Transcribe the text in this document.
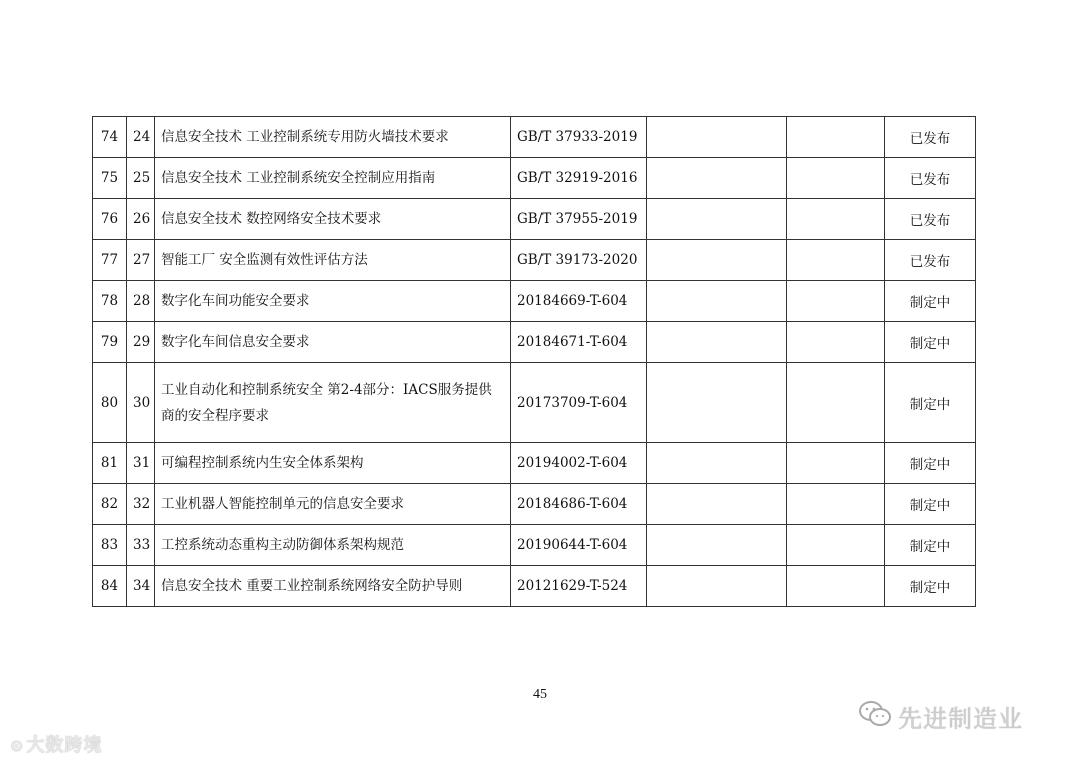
74	24	信息安全技术 工业控制系统专用防火墙技术要求	GB/T 37933-2019			已发布
75	25	信息安全技术 工业控制系统安全控制应用指南	GB/T 32919-2016			已发布
76	26	信息安全技术 数控网络安全技术要求	GB/T 37955-2019			已发布
77	27	智能工厂 安全监测有效性评估方法	GB/T 39173-2020			已发布
78	28	数字化车间功能安全要求	20184669-T-604			制定中
79	29	数字化车间信息安全要求	20184671-T-604			制定中
80	30	工业自动化和控制系统安全 第2-4部分：IACS服务提供商的安全程序要求	20173709-T-604			制定中
81	31	可编程控制系统内生安全体系架构	20194002-T-604			制定中
82	32	工业机器人智能控制单元的信息安全要求	20184686-T-604			制定中
83	33	工控系统动态重构主动防御体系架构规范	20190644-T-604			制定中
84	34	信息安全技术 重要工业控制系统网络安全防护导则	20121629-T-524			制定中
45
⊙ 大数跨境
先进制造业
